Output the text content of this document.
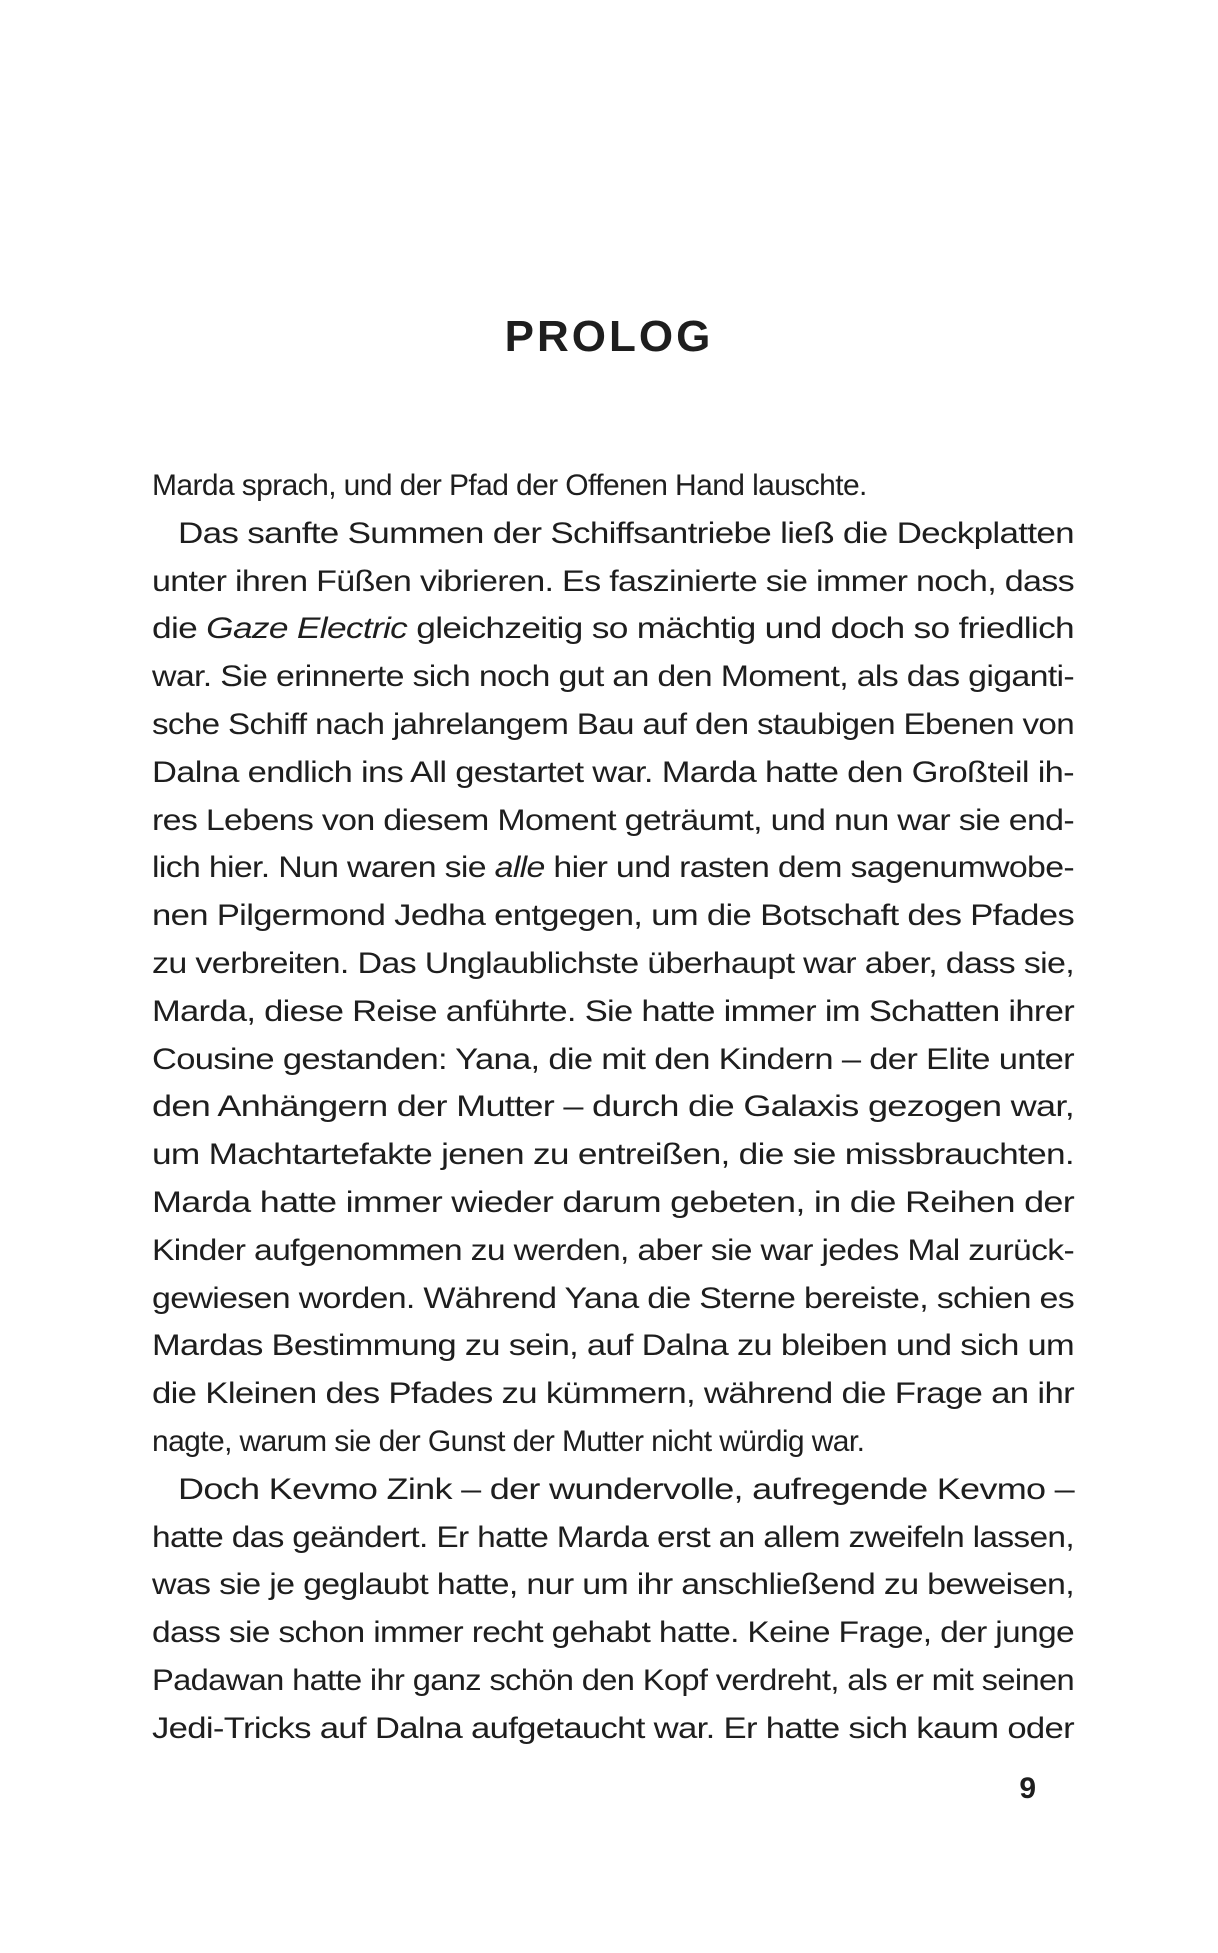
PROLOG
Marda sprach, und der Pfad der Offenen Hand lauschte.
Das sanfte Summen der Schiffsantriebe ließ die Deckplatten
unter ihren Füßen vibrieren. Es faszinierte sie immer noch, dass
die Gaze Electric gleichzeitig so mächtig und doch so friedlich
war. Sie erinnerte sich noch gut an den Moment, als das giganti-
sche Schiff nach jahrelangem Bau auf den staubigen Ebenen von
Dalna endlich ins All gestartet war. Marda hatte den Großteil ih-
res Lebens von diesem Moment geträumt, und nun war sie end-
lich hier. Nun waren sie alle hier und rasten dem sagenumwobe-
nen Pilgermond Jedha entgegen, um die Botschaft des Pfades
zu verbreiten. Das Unglaublichste überhaupt war aber, dass sie,
Marda, diese Reise anführte. Sie hatte immer im Schatten ihrer
Cousine gestanden: Yana, die mit den Kindern – der Elite unter
den Anhängern der Mutter – durch die Galaxis gezogen war,
um Machtartefakte jenen zu entreißen, die sie missbrauchten.
Marda hatte immer wieder darum gebeten, in die Reihen der
Kinder aufgenommen zu werden, aber sie war jedes Mal zurück-
gewiesen worden. Während Yana die Sterne bereiste, schien es
Mardas Bestimmung zu sein, auf Dalna zu bleiben und sich um
die Kleinen des Pfades zu kümmern, während die Frage an ihr
nagte, warum sie der Gunst der Mutter nicht würdig war.
Doch Kevmo Zink – der wundervolle, aufregende Kevmo –
hatte das geändert. Er hatte Marda erst an allem zweifeln lassen,
was sie je geglaubt hatte, nur um ihr anschließend zu beweisen,
dass sie schon immer recht gehabt hatte. Keine Frage, der junge
Padawan hatte ihr ganz schön den Kopf verdreht, als er mit seinen
Jedi-Tricks auf Dalna aufgetaucht war. Er hatte sich kaum oder
9
